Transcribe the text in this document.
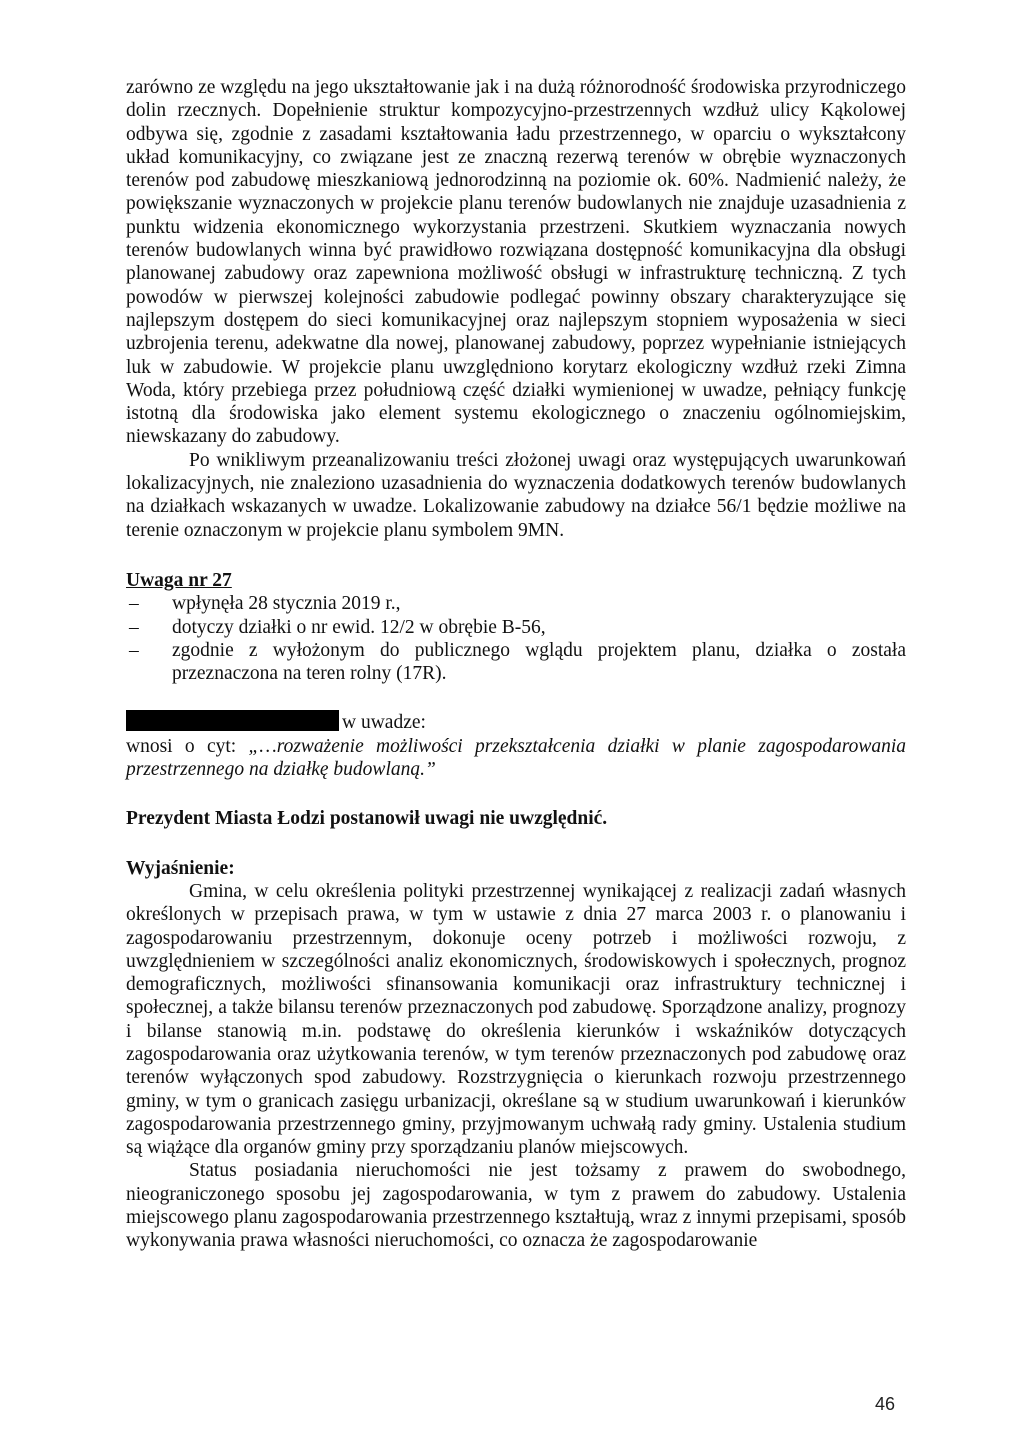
zarówno ze względu na jego ukształtowanie jak i na dużą różnorodność środowiska przyrodniczego dolin rzecznych. Dopełnienie struktur kompozycyjno-przestrzennych wzdłuż ulicy Kąkolowej odbywa się, zgodnie z zasadami kształtowania ładu przestrzennego, w oparciu o wykształcony układ komunikacyjny, co związane jest ze znaczną rezerwą terenów w obrębie wyznaczonych terenów pod zabudowę mieszkaniową jednorodzinną na poziomie ok. 60%. Nadmienić należy, że powiększanie wyznaczonych w projekcie planu terenów budowlanych nie znajduje uzasadnienia z punktu widzenia ekonomicznego wykorzystania przestrzeni. Skutkiem wyznaczania nowych terenów budowlanych winna być prawidłowo rozwiązana dostępność komunikacyjna dla obsługi planowanej zabudowy oraz zapewniona możliwość obsługi w infrastrukturę techniczną. Z tych powodów w pierwszej kolejności zabudowie podlegać powinny obszary charakteryzujące się najlepszym dostępem do sieci komunikacyjnej oraz najlepszym stopniem wyposażenia w sieci uzbrojenia terenu, adekwatne dla nowej, planowanej zabudowy, poprzez wypełnianie istniejących luk w zabudowie. W projekcie planu uwzględniono korytarz ekologiczny wzdłuż rzeki Zimna Woda, który przebiega przez południową część działki wymienionej w uwadze, pełniący funkcję istotną dla środowiska jako element systemu ekologicznego o znaczeniu ogólnomiejskim, niewskazany do zabudowy.

Po wnikliwym przeanalizowaniu treści złożonej uwagi oraz występujących uwarunkowań lokalizacyjnych, nie znaleziono uzasadnienia do wyznaczenia dodatkowych terenów budowlanych na działkach wskazanych w uwadze. Lokalizowanie zabudowy na działce 56/1 będzie możliwe na terenie oznaczonym w projekcie planu symbolem 9MN.

Uwaga nr 27
– wpłynęła 28 stycznia 2019 r.,
– dotyczy działki o nr ewid. 12/2 w obrębie B-56,
– zgodnie z wyłożonym do publicznego wglądu projektem planu, działka o została przeznaczona na teren rolny (17R).
w uwadze:

wnosi o cyt: „…rozważenie możliwości przekształcenia działki w planie zagospodarowania przestrzennego na działkę budowlaną.”

Prezydent Miasta Łodzi postanowił uwagi nie uwzględnić.
Wyjaśnienie:

Gmina, w celu określenia polityki przestrzennej wynikającej z realizacji zadań własnych określonych w przepisach prawa, w tym w ustawie z dnia 27 marca 2003 r. o planowaniu i zagospodarowaniu przestrzennym, dokonuje oceny potrzeb i możliwości rozwoju, z uwzględnieniem w szczególności analiz ekonomicznych, środowiskowych i społecznych, prognoz demograficznych, możliwości sfinansowania komunikacji oraz infrastruktury technicznej i społecznej, a także bilansu terenów przeznaczonych pod zabudowę. Sporządzone analizy, prognozy i bilanse stanowią m.in. podstawę do określenia kierunków i wskaźników dotyczących zagospodarowania oraz użytkowania terenów, w tym terenów przeznaczonych pod zabudowę oraz terenów wyłączonych spod zabudowy. Rozstrzygnięcia o kierunkach rozwoju przestrzennego gminy, w tym o granicach zasięgu urbanizacji, określane są w studium uwarunkowań i kierunków zagospodarowania przestrzennego gminy, przyjmowanym uchwałą rady gminy. Ustalenia studium są wiążące dla organów gminy przy sporządzaniu planów miejscowych.

Status posiadania nieruchomości nie jest tożsamy z prawem do swobodnego, nieograniczonego sposobu jej zagospodarowania, w tym z prawem do zabudowy. Ustalenia miejscowego planu zagospodarowania przestrzennego kształtują, wraz z innymi przepisami, sposób wykonywania prawa własności nieruchomości, co oznacza że zagospodarowanie

46
